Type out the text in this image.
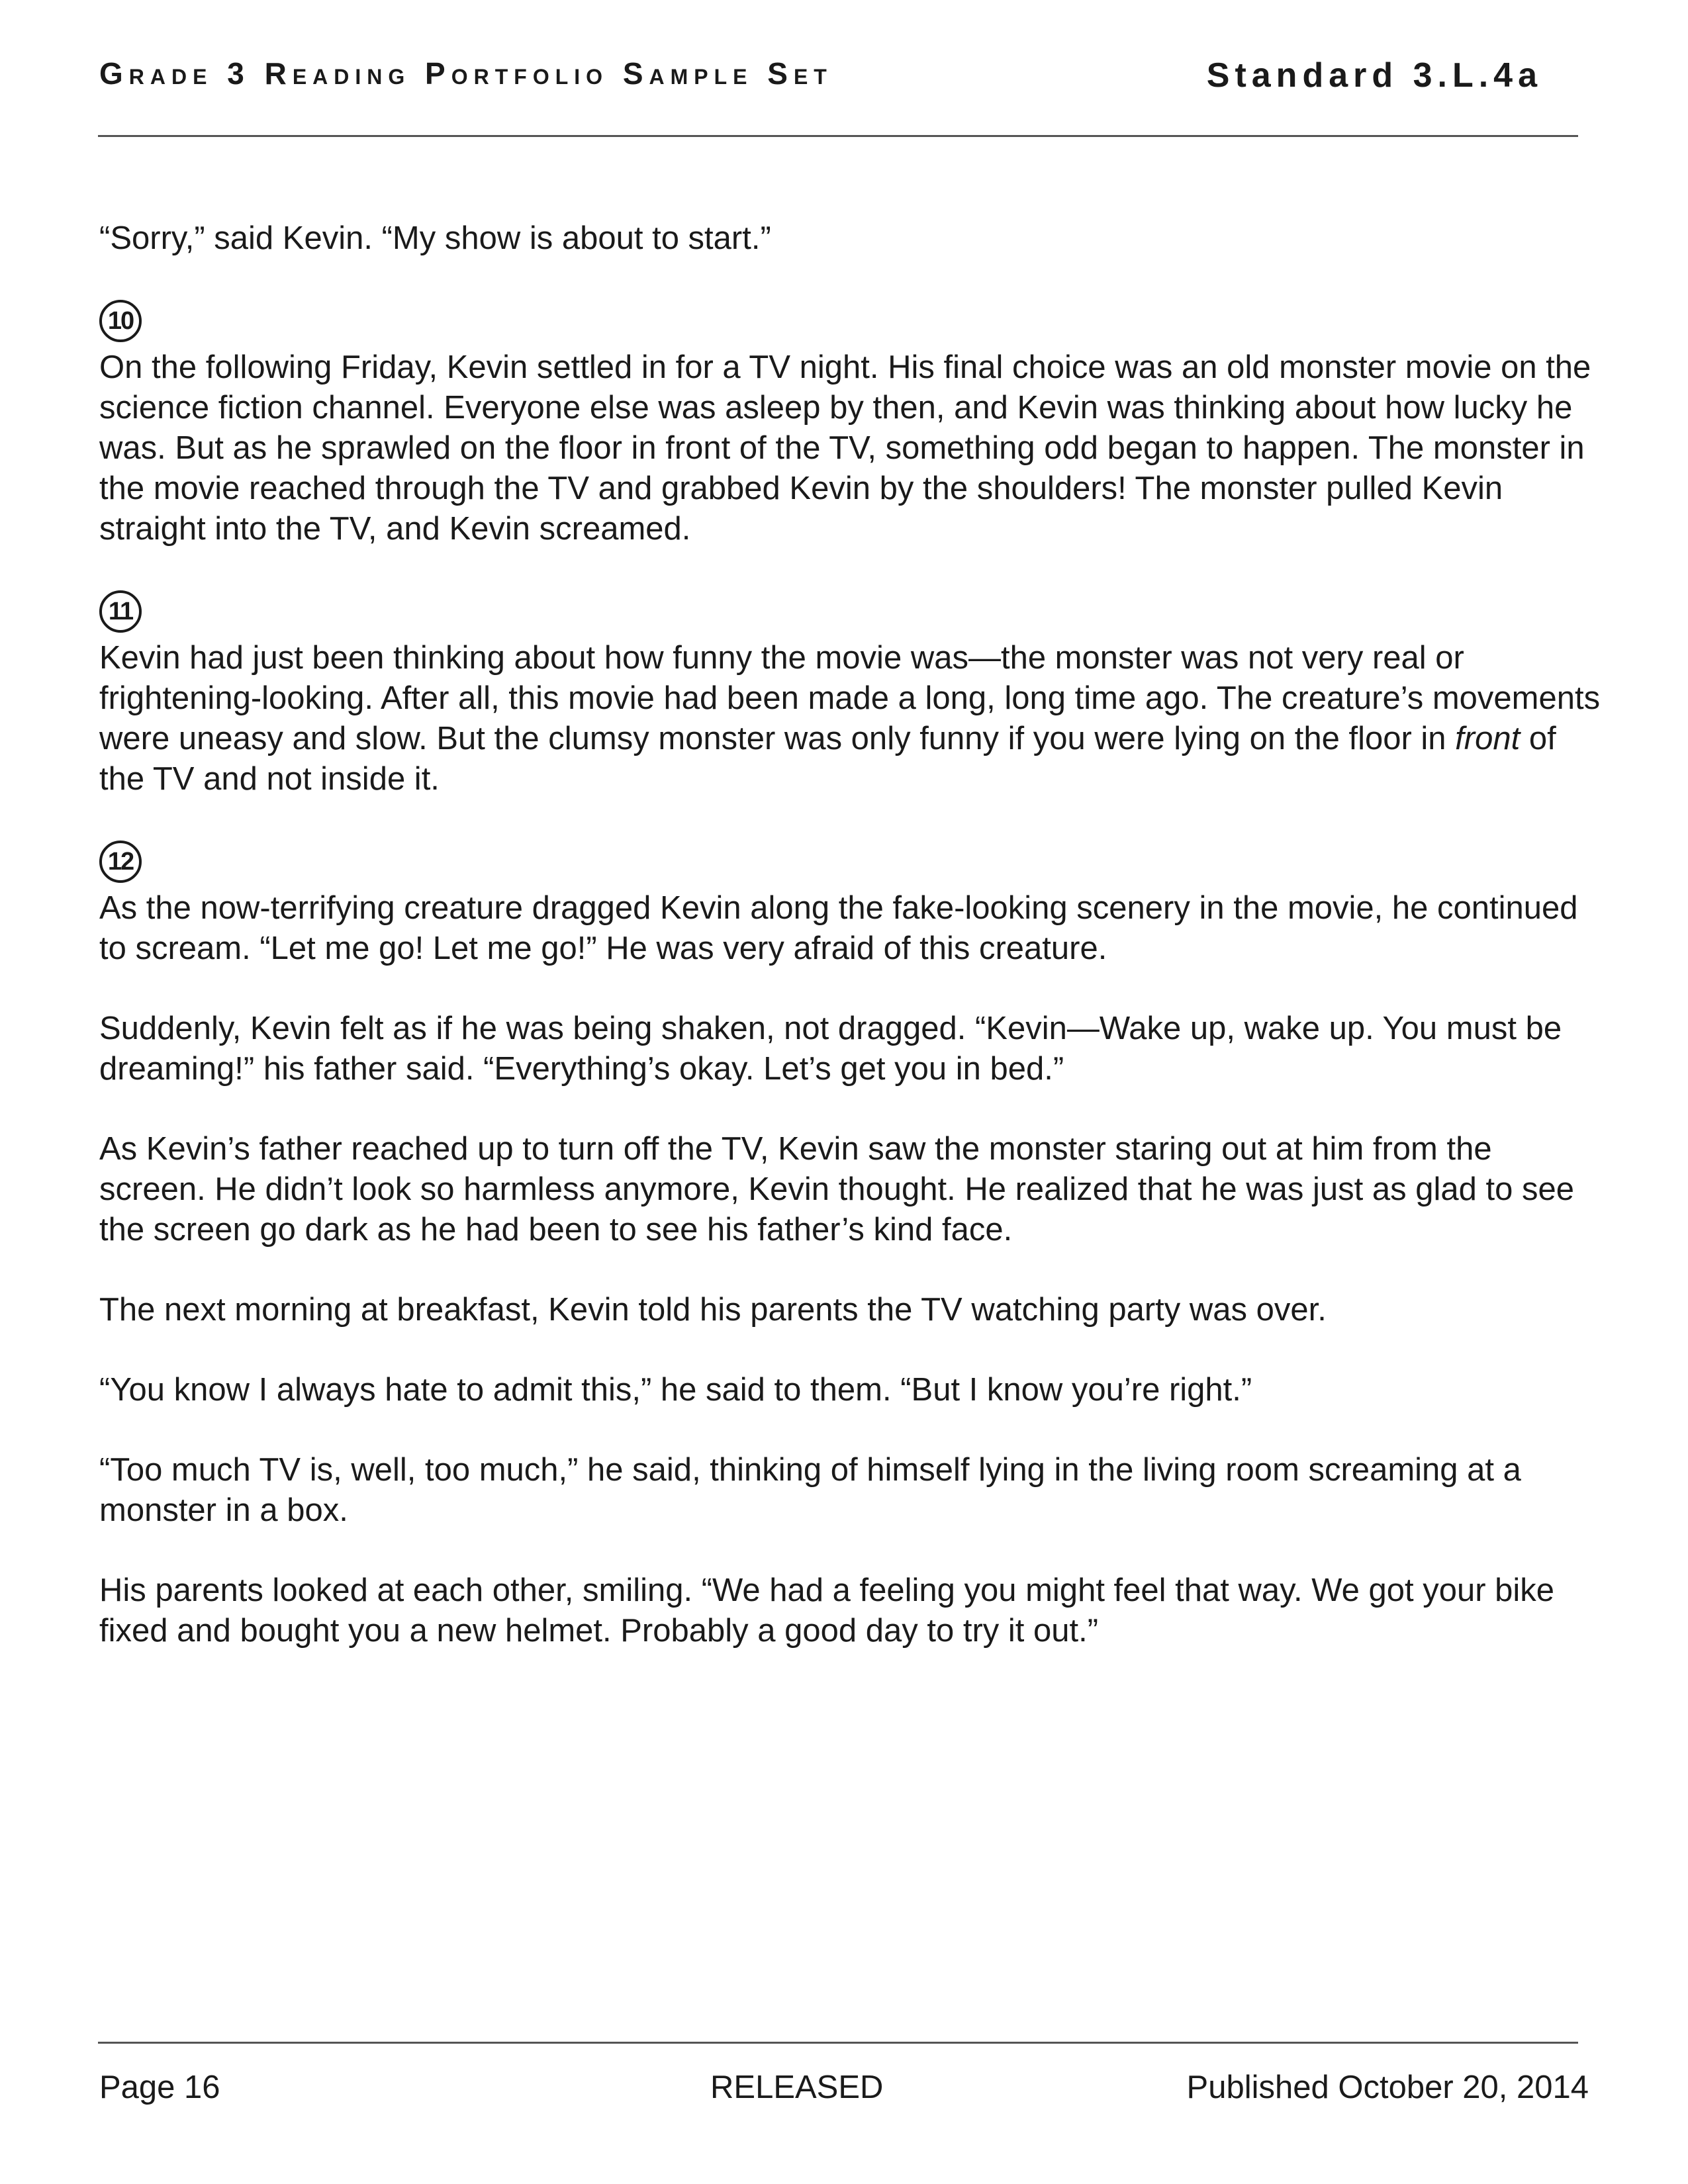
Grade 3 Reading Portfolio Sample Set	Standard 3.L.4a

“Sorry,” said Kevin. “My show is about to start.”

10
On the following Friday, Kevin settled in for a TV night. His final choice was an old monster movie on the science fiction channel. Everyone else was asleep by then, and Kevin was thinking about how lucky he was. But as he sprawled on the floor in front of the TV, something odd began to happen. The monster in the movie reached through the TV and grabbed Kevin by the shoulders! The monster pulled Kevin straight into the TV, and Kevin screamed.
11
Kevin had just been thinking about how funny the movie was—the monster was not very real or frightening-looking. After all, this movie had been made a long, long time ago. The creature’s movements were uneasy and slow. But the clumsy monster was only funny if you were lying on the floor in front of the TV and not inside it.
12
As the now-terrifying creature dragged Kevin along the fake-looking scenery in the movie, he continued to scream. “Let me go! Let me go!” He was very afraid of this creature.

Suddenly, Kevin felt as if he was being shaken, not dragged. “Kevin—Wake up, wake up. You must be dreaming!” his father said. “Everything’s okay. Let’s get you in bed.”

As Kevin’s father reached up to turn off the TV, Kevin saw the monster staring out at him from the screen. He didn’t look so harmless anymore, Kevin thought. He realized that he was just as glad to see the screen go dark as he had been to see his father’s kind face.

The next morning at breakfast, Kevin told his parents the TV watching party was over.

“You know I always hate to admit this,” he said to them. “But I know you’re right.”

“Too much TV is, well, too much,” he said, thinking of himself lying in the living room screaming at a monster in a box.

His parents looked at each other, smiling. “We had a feeling you might feel that way. We got your bike fixed and bought you a new helmet. Probably a good day to try it out.”

Page 16	RELEASED	Published October 20, 2014
